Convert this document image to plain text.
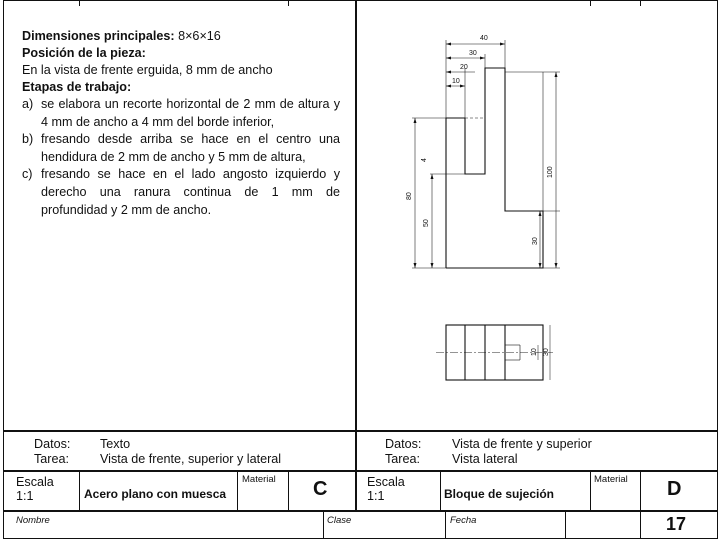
Dimensiones principales: 8×6×16
Posición de la pieza:
En la vista de frente erguida, 8 mm de ancho
Etapas de trabajo:
a) se elabora un recorte horizontal de 2 mm de altura y 4 mm de ancho a 4 mm del borde inferior,
b) fresando desde arriba se hace en el centro una hendidura de 2 mm de ancho y 5 mm de altura,
c) fresando se hace en el lado angosto izquierdo y derecho una ranura continua de 1 mm de profundidad y 2 mm de ancho.
40
30
20
10
100
80
50
30
4
10 30
Datos: Texto
Tarea: Vista de frente, superior y lateral
Escala
1:1	Acero plano con muesca
Material C
Datos: Vista de frente y superior
Tarea:	Vista lateral
Escala
1:1	Bloque de sujeción
Material D
Nombre	Clase	Fecha	17
